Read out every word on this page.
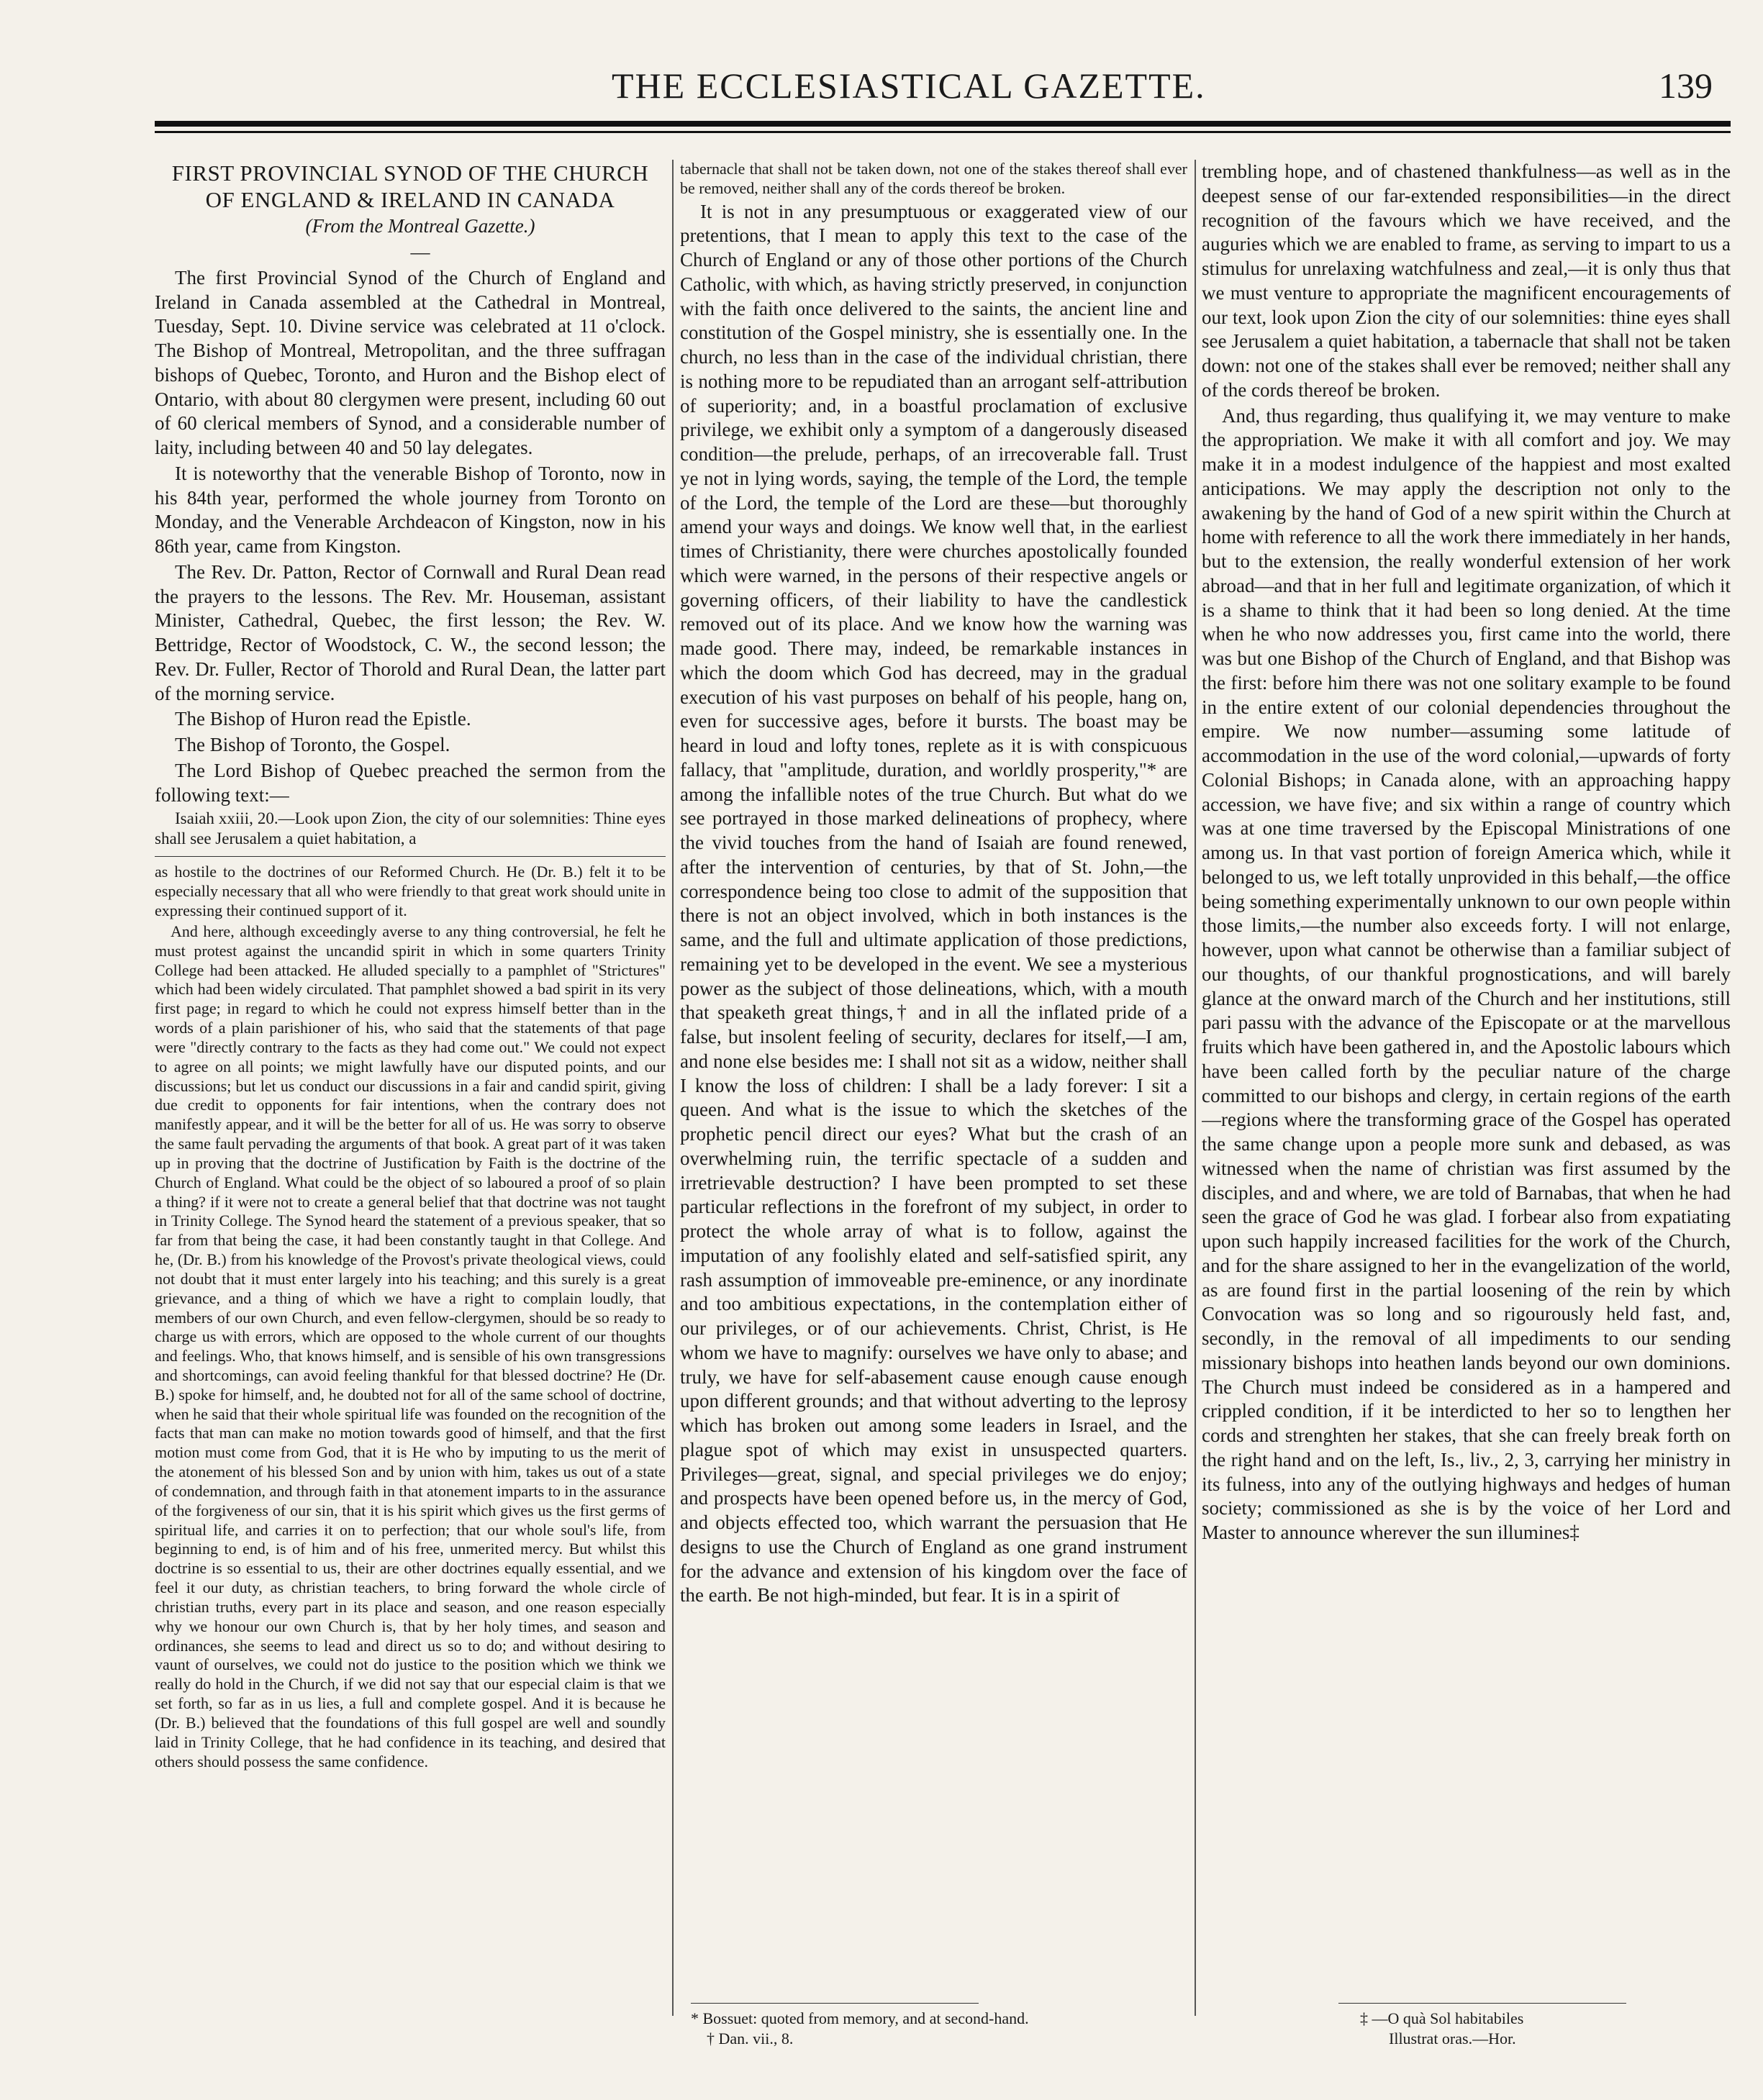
THE ECCLESIASTICAL GAZETTE.	139

FIRST PROVINCIAL SYNOD OF THE CHURCH OF ENGLAND & IRELAND IN CANADA

(From the Montreal Gazette.)

—

The first Provincial Synod of the Church of England and Ireland in Canada assembled at the Cathedral in Montreal, Tuesday, Sept. 10. Divine service was celebrated at 11 o'clock. The Bishop of Montreal, Metropolitan, and the three suffragan bishops of Quebec, Toronto, and Huron and the Bishop elect of Ontario, with about 80 clergymen were present, including 60 out of 60 clerical members of Synod, and a considerable number of laity, including between 40 and 50 lay delegates.

It is noteworthy that the venerable Bishop of Toronto, now in his 84th year, performed the whole journey from Toronto on Monday, and the Venerable Archdeacon of Kingston, now in his 86th year, came from Kingston.

The Rev. Dr. Patton, Rector of Cornwall and Rural Dean read the prayers to the lessons. The Rev. Mr. Houseman, assistant Minister, Cathedral, Quebec, the first lesson; the Rev. W. Bettridge, Rector of Woodstock, C. W., the second lesson; the Rev. Dr. Fuller, Rector of Thorold and Rural Dean, the latter part of the morning service.

The Bishop of Huron read the Epistle.

The Bishop of Toronto, the Gospel.

The Lord Bishop of Quebec preached the sermon from the following text:—

Isaiah xxiii, 20.—Look upon Zion, the city of our solemnities: Thine eyes shall see Jerusalem a quiet habitation, a

as hostile to the doctrines of our Reformed Church. He (Dr. B.) felt it to be especially necessary that all who were friendly to that great work should unite in expressing their continued support of it.

And here, although exceedingly averse to any thing controversial, he felt he must protest against the uncandid spirit in which in some quarters Trinity College had been attacked. He alluded specially to a pamphlet of "Strictures" which had been widely circulated. That pamphlet showed a bad spirit in its very first page; in regard to which he could not express himself better than in the words of a plain parishioner of his, who said that the statements of that page were "directly contrary to the facts as they had come out." We could not expect to agree on all points; we might lawfully have our disputed points, and our discussions; but let us conduct our discussions in a fair and candid spirit, giving due credit to opponents for fair intentions, when the contrary does not manifestly appear, and it will be the better for all of us. He was sorry to observe the same fault pervading the arguments of that book. A great part of it was taken up in proving that the doctrine of Justification by Faith is the doctrine of the Church of England. What could be the object of so laboured a proof of so plain a thing? if it were not to create a general belief that that doctrine was not taught in Trinity College. The Synod heard the statement of a previous speaker, that so far from that being the case, it had been constantly taught in that College. And he, (Dr. B.) from his knowledge of the Provost's private theological views, could not doubt that it must enter largely into his teaching; and this surely is a great grievance, and a thing of which we have a right to complain loudly, that members of our own Church, and even fellow-clergymen, should be so ready to charge us with errors, which are opposed to the whole current of our thoughts and feelings. Who, that knows himself, and is sensible of his own transgressions and shortcomings, can avoid feeling thankful for that blessed doctrine? He (Dr. B.) spoke for himself, and, he doubted not for all of the same school of doctrine, when he said that their whole spiritual life was founded on the recognition of the facts that man can make no motion towards good of himself, and that the first motion must come from God, that it is He who by imputing to us the merit of the atonement of his blessed Son and by union with him, takes us out of a state of condemnation, and through faith in that atonement imparts to in the assurance of the forgiveness of our sin, that it is his spirit which gives us the first germs of spiritual life, and carries it on to perfection; that our whole soul's life, from beginning to end, is of him and of his free, unmerited mercy. But whilst this doctrine is so essential to us, their are other doctrines equally essential, and we feel it our duty, as christian teachers, to bring forward the whole circle of christian truths, every part in its place and season, and one reason especially why we honour our own Church is, that by her holy times, and season and ordinances, she seems to lead and direct us so to do; and without desiring to vaunt of ourselves, we could not do justice to the position which we think we really do hold in the Church, if we did not say that our especial claim is that we set forth, so far as in us lies, a full and complete gospel. And it is because he (Dr. B.) believed that the foundations of this full gospel are well and soundly laid in Trinity College, that he had confidence in its teaching, and desired that others should possess the same confidence.

tabernacle that shall not be taken down, not one of the stakes thereof shall ever be removed, neither shall any of the cords thereof be broken.

It is not in any presumptuous or exaggerated view of our pretentions, that I mean to apply this text to the case of the Church of England or any of those other portions of the Church Catholic, with which, as having strictly preserved, in conjunction with the faith once delivered to the saints, the ancient line and constitution of the Gospel ministry, she is essentially one. In the church, no less than in the case of the individual christian, there is nothing more to be repudiated than an arrogant self-attribution of superiority; and, in a boastful proclamation of exclusive privilege, we exhibit only a symptom of a dangerously diseased condition—the prelude, perhaps, of an irrecoverable fall. Trust ye not in lying words, saying, the temple of the Lord, the temple of the Lord, the temple of the Lord are these—but thoroughly amend your ways and doings. We know well that, in the earliest times of Christianity, there were churches apostolically founded which were warned, in the persons of their respective angels or governing officers, of their liability to have the candlestick removed out of its place. And we know how the warning was made good. There may, indeed, be remarkable instances in which the doom which God has decreed, may in the gradual execution of his vast purposes on behalf of his people, hang on, even for successive ages, before it bursts. The boast may be heard in loud and lofty tones, replete as it is with conspicuous fallacy, that "amplitude, duration, and worldly prosperity,"* are among the infallible notes of the true Church. But what do we see portrayed in those marked delineations of prophecy, where the vivid touches from the hand of Isaiah are found renewed, after the intervention of centuries, by that of St. John,—the correspondence being too close to admit of the supposition that there is not an object involved, which in both instances is the same, and the full and ultimate application of those predictions, remaining yet to be developed in the event. We see a mysterious power as the subject of those delineations, which, with a mouth that speaketh great things,† and in all the inflated pride of a false, but insolent feeling of security, declares for itself,—I am, and none else besides me: I shall not sit as a widow, neither shall I know the loss of children: I shall be a lady forever: I sit a queen. And what is the issue to which the sketches of the prophetic pencil direct our eyes? What but the crash of an overwhelming ruin, the terrific spectacle of a sudden and irretrievable destruction? I have been prompted to set these particular reflections in the forefront of my subject, in order to protect the whole array of what is to follow, against the imputation of any foolishly elated and self-satisfied spirit, any rash assumption of immoveable pre-eminence, or any inordinate and too ambitious expectations, in the contemplation either of our privileges, or of our achievements. Christ, Christ, is He whom we have to magnify: ourselves we have only to abase; and truly, we have for self-abasement cause enough cause enough upon different grounds; and that without adverting to the leprosy which has broken out among some leaders in Israel, and the plague spot of which may exist in unsuspected quarters. Privileges—great, signal, and special privileges we do enjoy; and prospects have been opened before us, in the mercy of God, and objects effected too, which warrant the persuasion that He designs to use the Church of England as one grand instrument for the advance and extension of his kingdom over the face of the earth. Be not high-minded, but fear. It is in a spirit of

trembling hope, and of chastened thankfulness—as well as in the deepest sense of our far-extended responsibilities—in the direct recognition of the favours which we have received, and the auguries which we are enabled to frame, as serving to impart to us a stimulus for unrelaxing watchfulness and zeal,—it is only thus that we must venture to appropriate the magnificent encouragements of our text, look upon Zion the city of our solemnities: thine eyes shall see Jerusalem a quiet habitation, a tabernacle that shall not be taken down: not one of the stakes shall ever be removed; neither shall any of the cords thereof be broken.

And, thus regarding, thus qualifying it, we may venture to make the appropriation. We make it with all comfort and joy. We may make it in a modest indulgence of the happiest and most exalted anticipations. We may apply the description not only to the awakening by the hand of God of a new spirit within the Church at home with reference to all the work there immediately in her hands, but to the extension, the really wonderful extension of her work abroad—and that in her full and legitimate organization, of which it is a shame to think that it had been so long denied. At the time when he who now addresses you, first came into the world, there was but one Bishop of the Church of England, and that Bishop was the first: before him there was not one solitary example to be found in the entire extent of our colonial dependencies throughout the empire. We now number—assuming some latitude of accommodation in the use of the word colonial,—upwards of forty Colonial Bishops; in Canada alone, with an approaching happy accession, we have five; and six within a range of country which was at one time traversed by the Episcopal Ministrations of one among us. In that vast portion of foreign America which, while it belonged to us, we left totally unprovided in this behalf,—the office being something experimentally unknown to our own people within those limits,—the number also exceeds forty. I will not enlarge, however, upon what cannot be otherwise than a familiar subject of our thoughts, of our thankful prognostications, and will barely glance at the onward march of the Church and her institutions, still pari passu with the advance of the Episcopate or at the marvellous fruits which have been gathered in, and the Apostolic labours which have been called forth by the peculiar nature of the charge committed to our bishops and clergy, in certain regions of the earth—regions where the transforming grace of the Gospel has operated the same change upon a people more sunk and debased, as was witnessed when the name of christian was first assumed by the disciples, and and where, we are told of Barnabas, that when he had seen the grace of God he was glad. I forbear also from expatiating upon such happily increased facilities for the work of the Church, and for the share assigned to her in the evangelization of the world, as are found first in the partial loosening of the rein by which Convocation was so long and so rigourously held fast, and, secondly, in the removal of all impediments to our sending missionary bishops into heathen lands beyond our own dominions. The Church must indeed be considered as in a hampered and crippled condition, if it be interdicted to her so to lengthen her cords and strenghten her stakes, that she can freely break forth on the right hand and on the left, Is., liv., 2, 3, carrying her ministry in its fulness, into any of the outlying highways and hedges of human society; commissioned as she is by the voice of her Lord and Master to announce wherever the sun illumines‡

* Bossuet: quoted from memory, and at second-hand.
† Dan. vii., 8.
‡ —O quà Sol habitabiles
Illustrat oras.—Hor.
